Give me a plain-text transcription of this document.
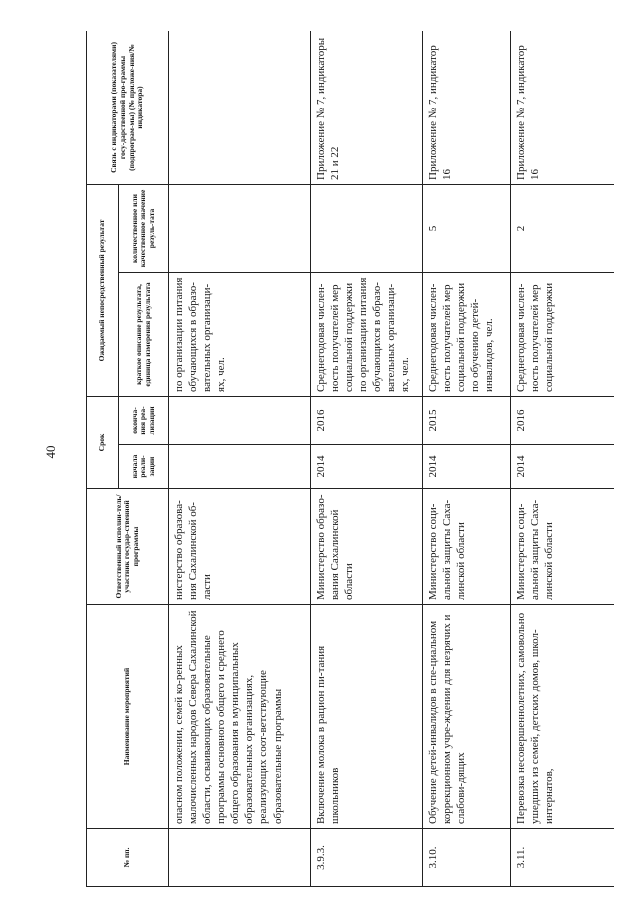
40
№ пп.	Наименование мероприятий	Ответственный исполни-тель/участник государ-ственной программы	Срок		Ожидаемый непосредственный результат		Связь с индикаторами (показателями) госу-дарственной про-граммы (подпрограм-мы) (№ приложе-ния/№ индикатора)
			начала реали-зации	оконча-ния реа-лизации	краткое описание результата, единица измерения результата	количественное или качественное значение резуль-тата	
	опасном положении, семей ко-ренных малочисленных народов Севера Сахалинской области, осваивающих образовательные программы основного общего и среднего общего образования в муниципальных образовательных организациях, реализующих соот-ветствующие образовательные программы	нистерство образова-ния Сахалинской об-ласти			по организации питания обучающихся в образо-вательных организаци-ях, чел.		
3.9.3.	Включение молока в рацион пи-тания школьников	Министерство образо-вания Сахалинской области	2014	2016	Среднегодовая числен-ность получателей мер социальной поддержки по организации питания обучающихся в образо-вательных организаци-ях, чел.		Приложение № 7, индикаторы 21 и 22
3.10.	Обучение детей-инвалидов в спе-циальном коррекционном учре-ждении для незрячих и слабови-дящих	Министерство соци-альной защиты Саха-линской области	2014	2015	Среднегодовая числен-ность получателей мер социальной поддержки по обучению детей-инвалидов, чел.	5	Приложение № 7, индикатор 16
3.11.	Перевозка несовершеннолетних, самовольно ушедших из семей, детских домов, школ-интернатов,	Министерство соци-альной защиты Саха-линской области	2014	2016	Среднегодовая числен-ность получателей мер социальной поддержки	2	Приложение № 7, индикатор 16
